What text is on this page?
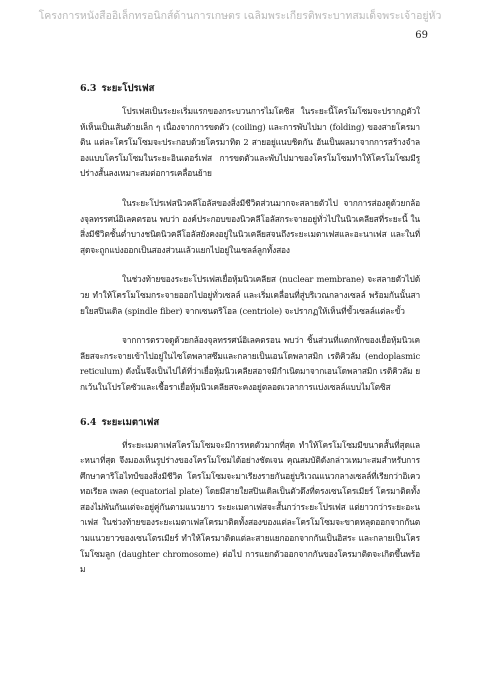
โครงการหนังสืออิเล็กทรอนิกส์ด้านการเกษตร เฉลิมพระเกียรติพระบาทสมเด็จพระเจ้าอยู่หัว
69
6.3 ระยะโปรเฟส

โปรเฟสเป็นระยะเริ่มแรกของกระบวนการไมโตซิส ในระยะนี้โครโมโซมจะปรากฏตัวให้เห็นเป็นเส้นด้ายเล็ก ๆ เนื่องจากการขดตัว (coiling) และการพับไปมา (folding) ของสายโครมาติน แต่ละโครโมโซมจะประกอบด้วยโครมาทิด 2 สายอยู่แนบชิดกัน อันเป็นผลมาจากการสร้างจำลองแบบโครโมโซมในระยะอินเตอร์เฟส การขดตัวและพับไปมาของโครโมโซมทำให้โครโมโซมมีรูปร่างสั้นลงเหมาะสมต่อการเคลื่อนย้าย

ในระยะโปรเฟสนิวคลีโอลัสของสิ่งมีชีวิตส่วนมากจะสลายตัวไป จากการส่องดูด้วยกล้องจุลทรรศน์อิเลคตรอน พบว่า องค์ประกอบของนิวคลีโอลัสกระจายอยู่ทั่วไปในนิวเคลียสที่ระยะนี้ ในสิ่งมีชีวิตชั้นต่ำบางชนิดนิวคลีโอลัสยังคงอยู่ในนิวเคลียสจนถึงระยะเมตาเฟสและอะนาเฟส และในที่สุดจะถูกแบ่งออกเป็นสองส่วนแล้วแยกไปอยู่ในเซลล์ลูกทั้งสอง

ในช่วงท้ายของระยะโปรเฟสเยื่อหุ้มนิวเคลียส (nuclear membrane) จะสลายตัวไปด้วย ทำให้โครโมโซมกระจายออกไปอยู่ทั่วเซลล์ และเริ่มเคลื่อนที่สู่บริเวณกลางเซลล์ พร้อมกันนั้นสายใยสปินเดิล (spindle fiber) จากเซนตริโอล (centriole) จะปรากฏให้เห็นที่ขั้วเซลล์แต่ละขั้ว

จากการตรวจดูด้วยกล้องจุลทรรศน์อิเลคตรอน พบว่า ชิ้นส่วนที่แตกหักของเยื่อหุ้มนิวเคลียสจะกระจายเข้าไปอยู่ในไซโตพลาสซึมและกลายเป็นเอนโดพลาสมิก เรติคิวลัม (endoplasmic reticulum) ดังนั้นจึงเป็นไปได้ที่ว่าเยื่อหุ้มนิวเคลียสอาจมีกำเนิดมาจากเอนโดพลาสมิก เรติคิวลัม ยกเว้นในโปรโตซัวและเชื้อราเยื่อหุ้มนิวเคลียสจะคงอยู่ตลอดเวลาการแบ่งเซลล์แบบไมโตซิส

6.4 ระยะเมตาเฟส

ที่ระยะเมตาเฟสโครโมโซมจะมีการหดตัวมากที่สุด ทำให้โครโมโซมมีขนาดสั้นที่สุดและหนาที่สุด จึงมองเห็นรูปร่างของโครโมโซมได้อย่างชัดเจน คุณสมบัติดังกล่าวเหมาะสมสำหรับการศึกษาคาริโอไทป์ของสิ่งมีชีวิต โครโมโซมจะมาเรียงรายกันอยู่บริเวณแนวกลางเซลล์ที่เรียกว่าอิเควทอเรียล เพลต (equatorial plate) โดยมีสายใยสปินเดิลเป็นตัวดึงที่ตรงเซนโตรเมียร์ โครมาติดทั้งสองไม่พันกันแต่จะอยู่คู่กันตามแนวยาว ระยะเมตาเฟสจะสั้นกว่าระยะโปรเฟส แต่ยาวกว่าระยะอะนาเฟส ในช่วงท้ายของระยะเมตาเฟสโครมาติดทั้งสองของแต่ละโครโมโซมจะขาดหลุดออกจากกันตามแนวยาวของเซนโตรเมียร์ ทำให้โครมาติดแต่ละสายแยกออกจากกันเป็นอิสระ และกลายเป็นโครโมโซมลูก (daughter chromosome) ต่อไป การแยกตัวออกจากกันของโครมาติดจะเกิดขึ้นพร้อม
